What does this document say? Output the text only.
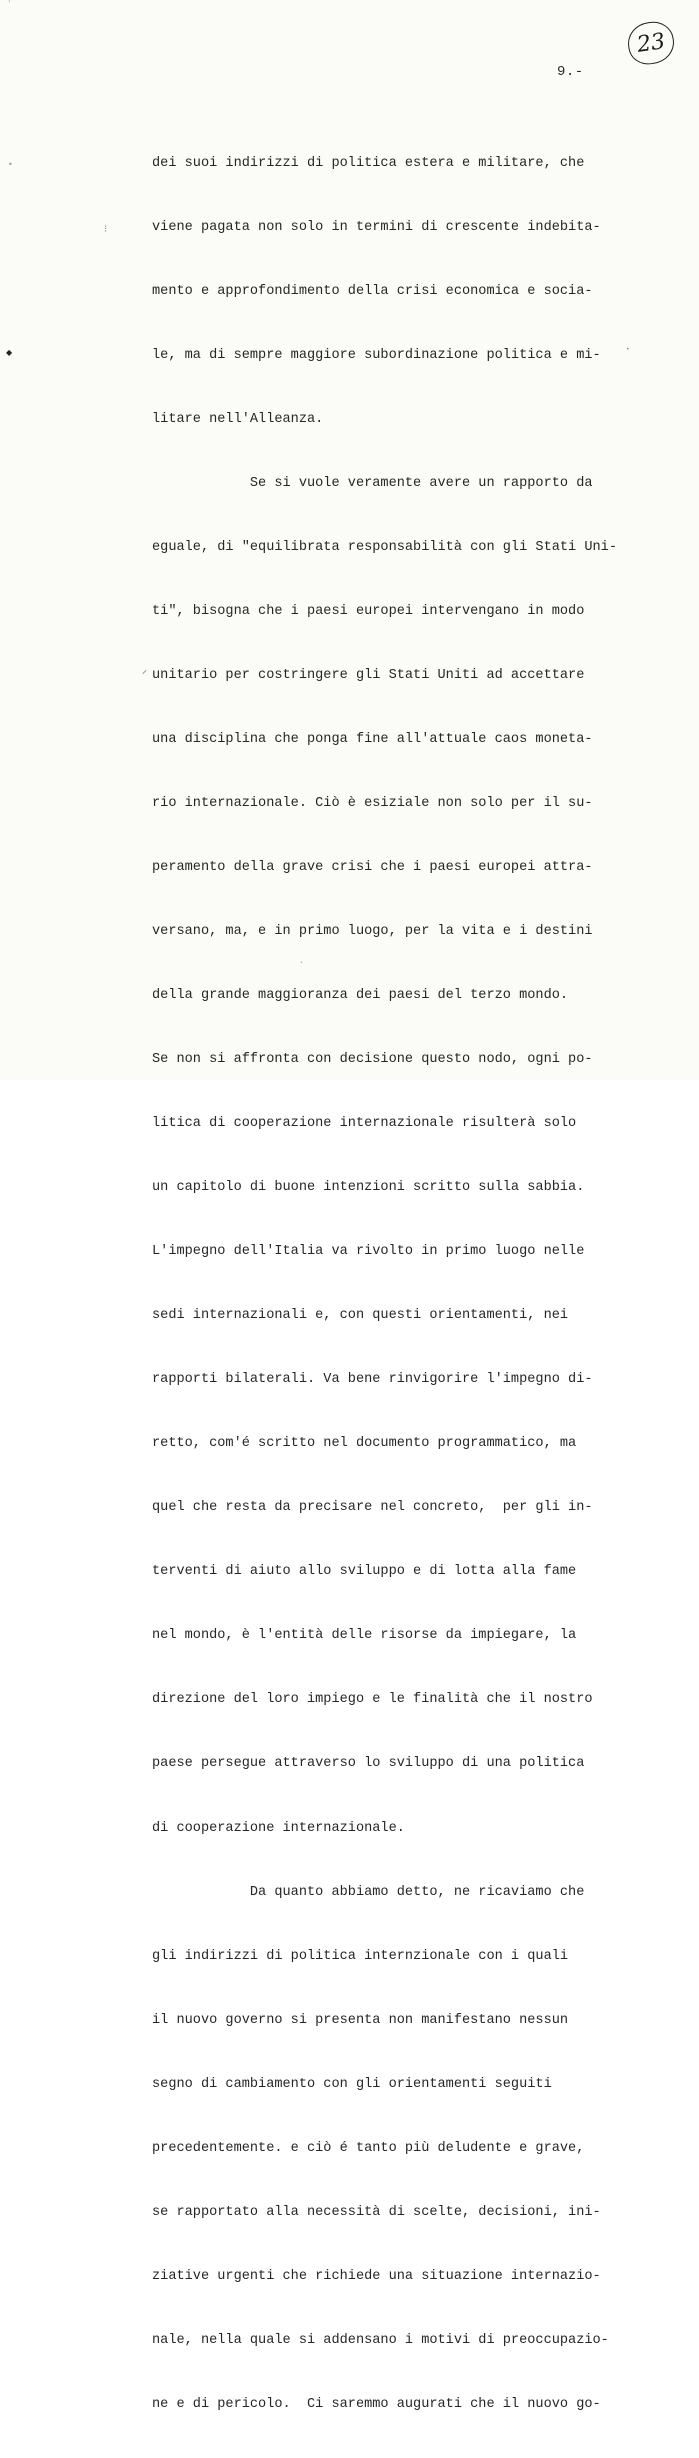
23
9.-
ˈ
•
⁝
◆	•
⸝
•

dei suoi indirizzi di politica estera e militare, che

viene pagata non solo in termini di crescente indebita-

mento e approfondimento della crisi economica e socia-

le, ma di sempre maggiore subordinazione politica e mi-

litare nell'Alleanza.

Se si vuole veramente avere un rapporto da

eguale, di "equilibrata responsabilità con gli Stati Uni-

ti", bisogna che i paesi europei intervengano in modo

unitario per costringere gli Stati Uniti ad accettare

una disciplina che ponga fine all'attuale caos moneta-

rio internazionale. Ciò è esiziale non solo per il su-

peramento della grave crisi che i paesi europei attra-

versano, ma, e in primo luogo, per la vita e i destini

della grande maggioranza dei paesi del terzo mondo.

Se non si affronta con decisione questo nodo, ogni po-

litica di cooperazione internazionale risulterà solo

un capitolo di buone intenzioni scritto sulla sabbia.

L'impegno dell'Italia va rivolto in primo luogo nelle

sedi internazionali e, con questi orientamenti, nei

rapporti bilaterali. Va bene rinvigorire l'impegno di-

retto, com'é scritto nel documento programmatico, ma

quel che resta da precisare nel concreto,  per gli in-

terventi di aiuto allo sviluppo e di lotta alla fame

nel mondo, è l'entità delle risorse da impiegare, la

direzione del loro impiego e le finalità che il nostro

paese persegue attraverso lo sviluppo di una politica

di cooperazione internazionale.

Da quanto abbiamo detto, ne ricaviamo che

gli indirizzi di politica internzionale con i quali

il nuovo governo si presenta non manifestano nessun

segno di cambiamento con gli orientamenti seguiti

precedentemente. e ciò é tanto più deludente e grave,

se rapportato alla necessità di scelte, decisioni, ini-

ziative urgenti che richiede una situazione internazio-

nale, nella quale si addensano i motivi di preoccupazio-

ne e di pericolo.  Ci saremmo augurati che il nuovo go-
